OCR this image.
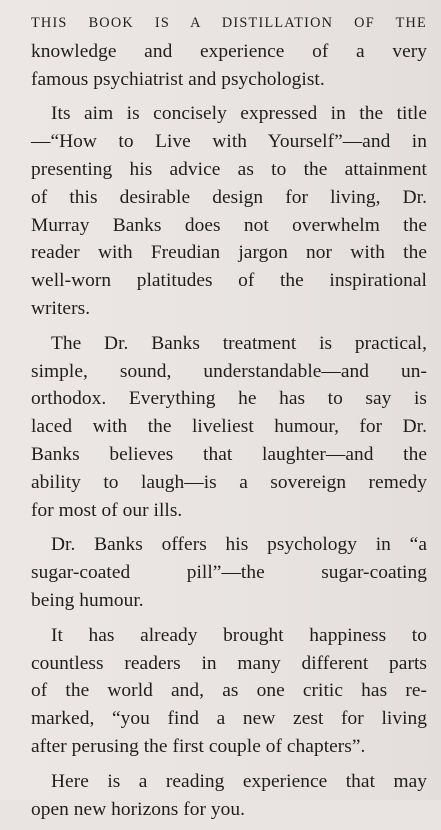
THIS BOOK IS A DISTILLATION OF THE
knowledge and experience of a very
famous psychiatrist and psychologist.
Its aim is concisely expressed in the title
—“How to Live with Yourself”—and in
presenting his advice as to the attainment
of this desirable design for living, Dr.
Murray Banks does not overwhelm the
reader with Freudian jargon nor with the
well-worn platitudes of the inspirational
writers.
The Dr. Banks treatment is practical,
simple, sound, understandable—and un-
orthodox. Everything he has to say is
laced with the liveliest humour, for Dr.
Banks believes that laughter—and the
ability to laugh—is a sovereign remedy
for most of our ills.
Dr. Banks offers his psychology in “a
sugar-coated pill”—the sugar-coating
being humour.
It has already brought happiness to
countless readers in many different parts
of the world and, as one critic has re-
marked, “you find a new zest for living
after perusing the first couple of chapters”.
Here is a reading experience that may
open new horizons for you.
